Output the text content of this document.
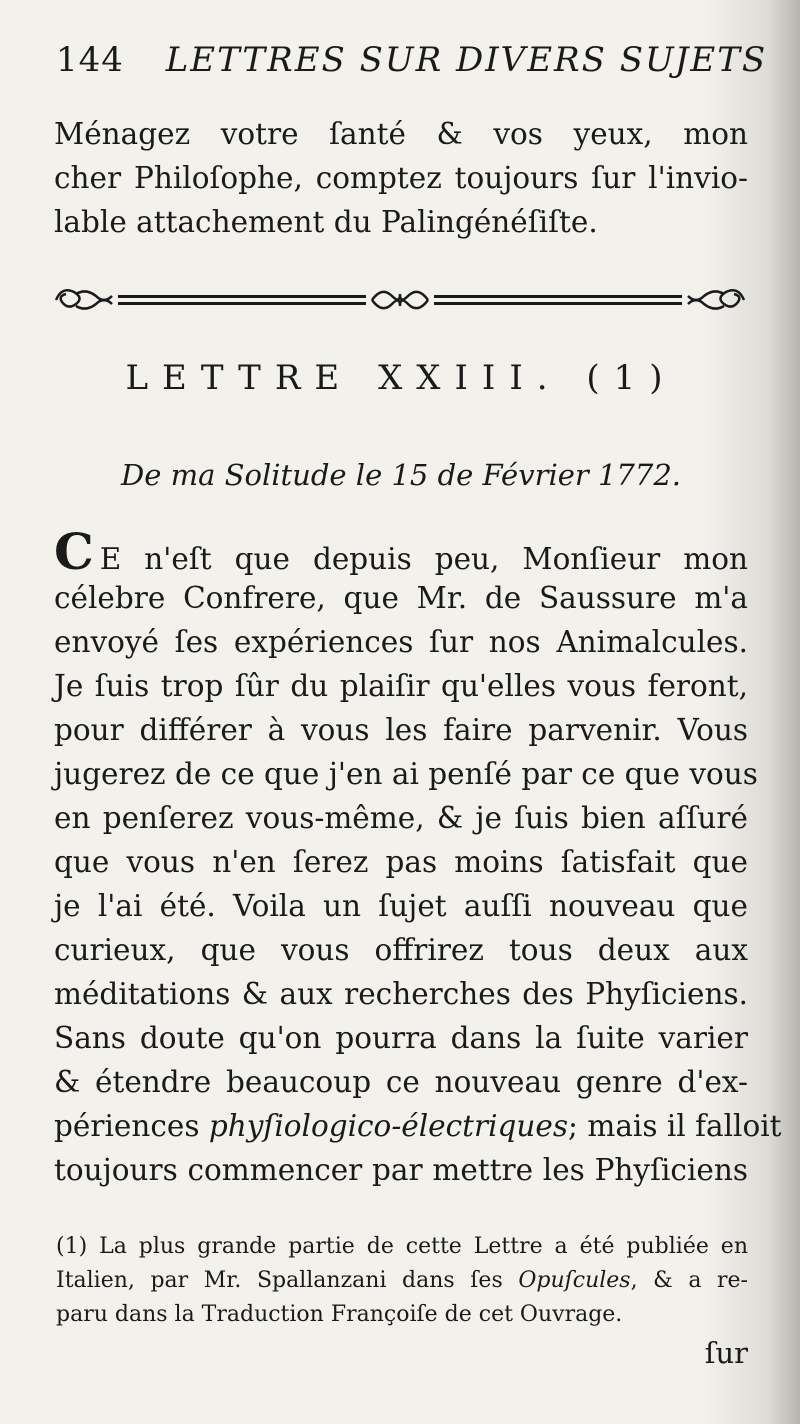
144 LETTRES SUR DIVERS SUJETS
Ménagez votre ſanté & vos yeux, mon
cher Philoſophe, comptez toujours ſur l'invio-
lable attachement du Palingénéſiſte.
LETTRE XXIII. (1)
De ma Solitude le 15 de Février 1772.
C E n'eſt que depuis peu, Monſieur mon
célebre Confrere, que Mr. de Saussure m'a
envoyé ſes expériences ſur nos Animalcules.
Je ſuis trop ſûr du plaiſir qu'elles vous feront,
pour différer à vous les faire parvenir. Vous
jugerez de ce que j'en ai penſé par ce que vous
en penſerez vous-même, & je ſuis bien aſſuré
que vous n'en ſerez pas moins ſatisfait que
je l'ai été. Voila un ſujet auſſi nouveau que
curieux, que vous offrirez tous deux aux
méditations & aux recherches des Phyſiciens.
Sans doute qu'on pourra dans la ſuite varier
& étendre beaucoup ce nouveau genre d'ex-
périences phyſiologico-électriques; mais il falloit
toujours commencer par mettre les Phyſiciens
(1) La plus grande partie de cette Lettre a été publiée en
Italien, par Mr. Spallanzani dans ſes Opuſcules, & a re-
paru dans la Traduction Françoiſe de cet Ouvrage.
ſur
